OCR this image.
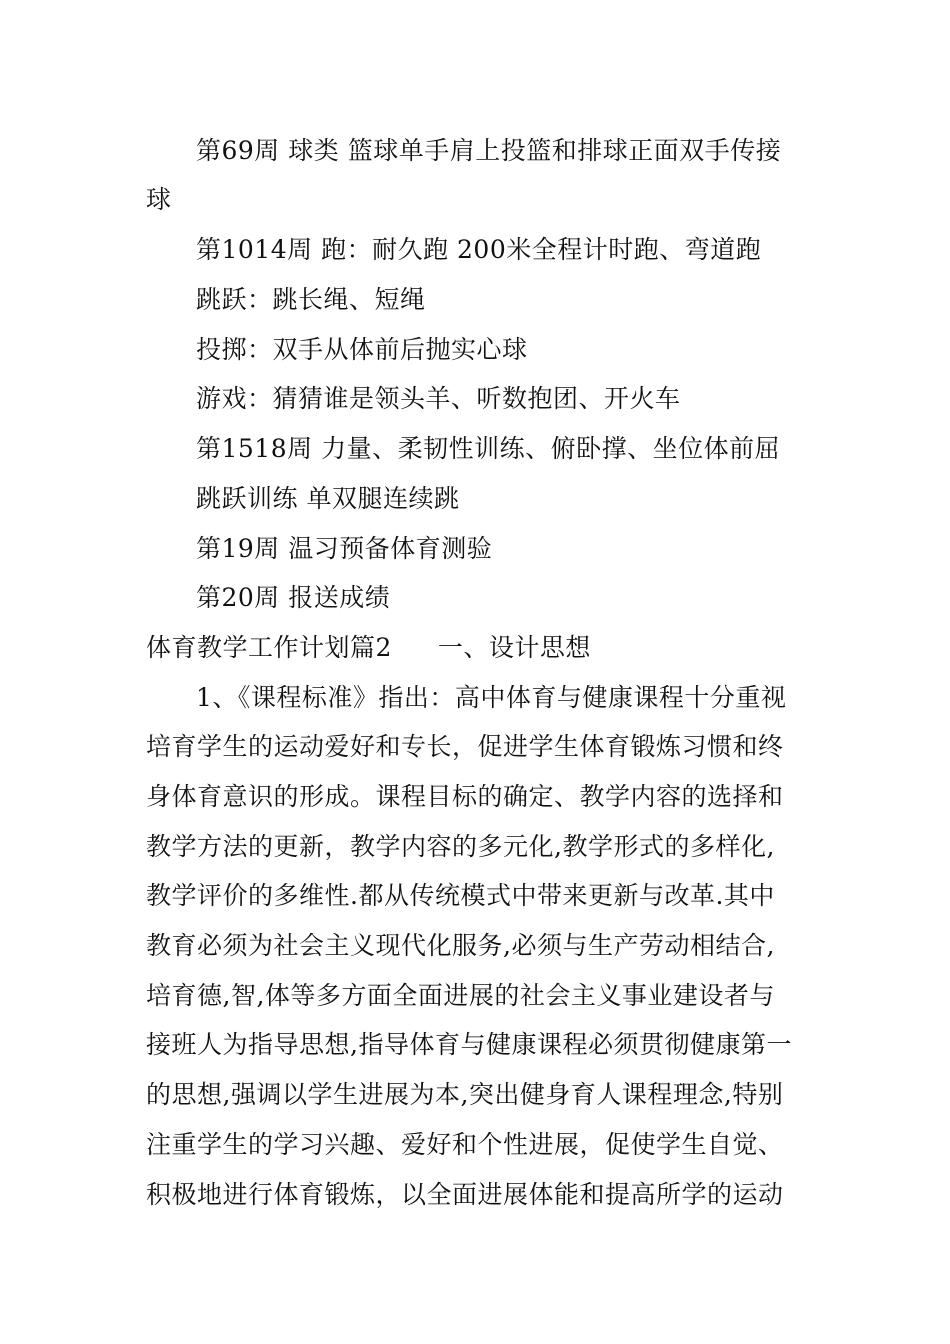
第69周 球类 篮球单手肩上投篮和排球正面双手传接
球
第1014周 跑：耐久跑 200米全程计时跑、弯道跑
跳跃：跳长绳、短绳
投掷：双手从体前后抛实心球
游戏：猜猜谁是领头羊、听数抱团、开火车
第1518周 力量、柔韧性训练、俯卧撑、坐位体前屈
跳跃训练 单双腿连续跳
第19周 温习预备体育测验
第20周 报送成绩
体育教学工作计划篇2 一、设计思想
1、《课程标准》指出：高中体育与健康课程十分重视
培育学生的运动爱好和专长，促进学生体育锻炼习惯和终
身体育意识的形成。课程目标的确定、教学内容的选择和
教学方法的更新，教学内容的多元化,教学形式的多样化,
教学评价的多维性.都从传统模式中带来更新与改革.其中
教育必须为社会主义现代化服务,必须与生产劳动相结合,
培育德,智,体等多方面全面进展的社会主义事业建设者与
接班人为指导思想,指导体育与健康课程必须贯彻健康第一
的思想,强调以学生进展为本,突出健身育人课程理念,特别
注重学生的学习兴趣、爱好和个性进展，促使学生自觉、
积极地进行体育锻炼，以全面进展体能和提高所学的运动
